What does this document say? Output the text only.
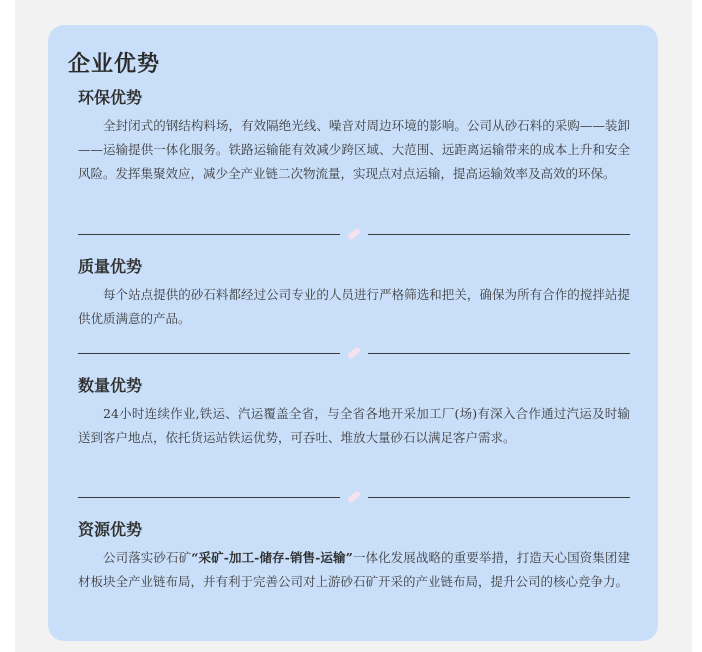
企业优势
环保优势

全封闭式的钢结构料场，有效隔绝光线、噪音对周边环境的影响。公司从砂石料的采购——装卸——运输提供一体化服务。铁路运输能有效减少跨区域、大范围、远距离运输带来的成本上升和安全风险。发挥集聚效应，减少全产业链二次物流量，实现点对点运输，提高运输效率及高效的环保。

质量优势

每个站点提供的砂石料都经过公司专业的人员进行严格筛选和把关，确保为所有合作的搅拌站提供优质满意的产品。

数量优势

24小时连续作业,铁运、汽运覆盖全省，与全省各地开采加工厂(场)有深入合作通过汽运及时输送到客户地点，依托货运站铁运优势，可吞吐、堆放大量砂石以满足客户需求。

资源优势

公司落实砂石矿“采矿-加工-储存-销售-运输”一体化发展战略的重要举措，打造天心国资集团建材板块全产业链布局，并有利于完善公司对上游砂石矿开采的产业链布局，提升公司的核心竞争力。
